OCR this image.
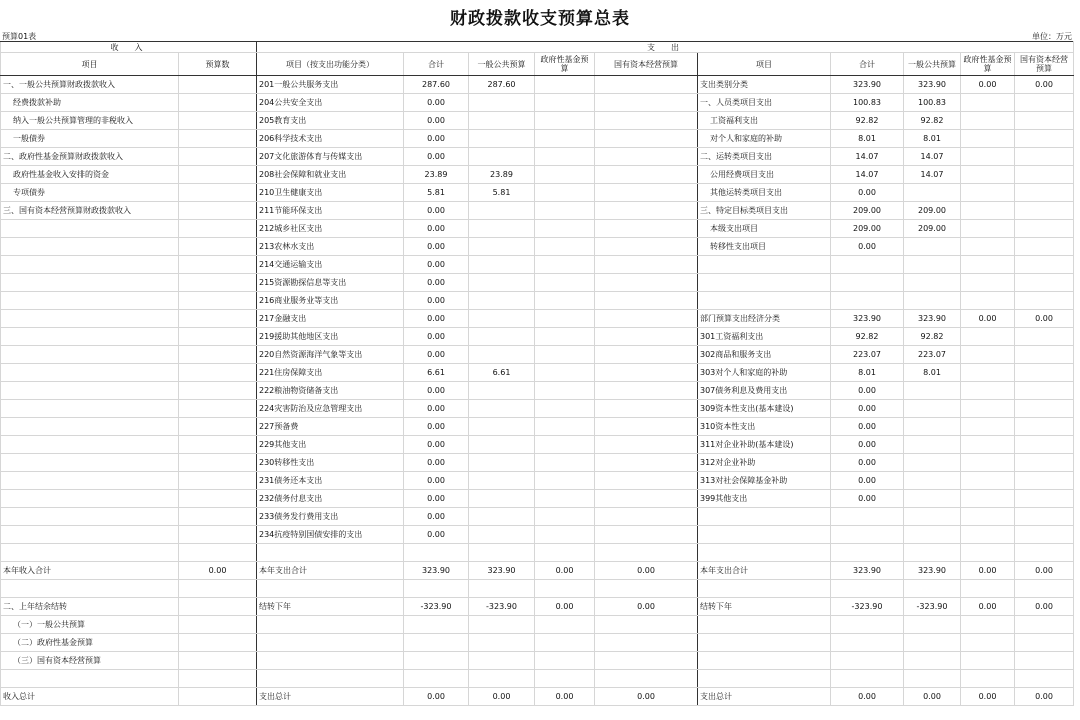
财政拨款收支预算总表
预算01表	单位：万元
收　入		支　出									
项目	预算数	项目（按支出功能分类）	合计	一般公共预算	政府性基金预算	国有资本经营预算	项目	合计	一般公共预算	政府性基金预算	国有资本经营预算
一、一般公共预算财政拨款收入		201一般公共服务支出	287.60	287.60			支出类别分类	323.90	323.90	0.00	0.00
经费拨款补助		204公共安全支出	0.00				一、人员类项目支出	100.83	100.83		
纳入一般公共预算管理的非税收入		205教育支出	0.00				工资福利支出	92.82	92.82		
一般债券		206科学技术支出	0.00				对个人和家庭的补助	8.01	8.01		
二、政府性基金预算财政拨款收入		207文化旅游体育与传媒支出	0.00				二、运转类项目支出	14.07	14.07		
政府性基金收入安排的资金		208社会保障和就业支出	23.89	23.89			公用经费项目支出	14.07	14.07		
专项债券		210卫生健康支出	5.81	5.81			其他运转类项目支出	0.00			
三、国有资本经营预算财政拨款收入		211节能环保支出	0.00				三、特定目标类项目支出	209.00	209.00		
		212城乡社区支出	0.00				本级支出项目	209.00	209.00		
		213农林水支出	0.00				转移性支出项目	0.00			
		214交通运输支出	0.00								
		215资源勘探信息等支出	0.00								
		216商业服务业等支出	0.00								
		217金融支出	0.00				部门预算支出经济分类	323.90	323.90	0.00	0.00
		219援助其他地区支出	0.00				301工资福利支出	92.82	92.82		
		220自然资源海洋气象等支出	0.00				302商品和服务支出	223.07	223.07		
		221住房保障支出	6.61	6.61			303对个人和家庭的补助	8.01	8.01		
		222粮油物资储备支出	0.00				307债务利息及费用支出	0.00			
		224灾害防治及应急管理支出	0.00				309资本性支出(基本建设)	0.00			
		227预备费	0.00				310资本性支出	0.00			
		229其他支出	0.00				311对企业补助(基本建设)	0.00			
		230转移性支出	0.00				312对企业补助	0.00			
		231债务还本支出	0.00				313对社会保障基金补助	0.00			
		232债务付息支出	0.00				399其他支出	0.00			
		233债务发行费用支出	0.00								
		234抗疫特别国债安排的支出	0.00								

本年收入合计	0.00	本年支出合计	323.90	323.90	0.00	0.00	本年支出合计	323.90	323.90	0.00	0.00

二、上年结余结转		结转下年	-323.90	-323.90	0.00	0.00	结转下年	-323.90	-323.90	0.00	0.00
（一）一般公共预算											
（二）政府性基金预算											
（三）国有资本经营预算											

收入总计		支出总计	0.00	0.00	0.00	0.00	支出总计	0.00	0.00	0.00	0.00
